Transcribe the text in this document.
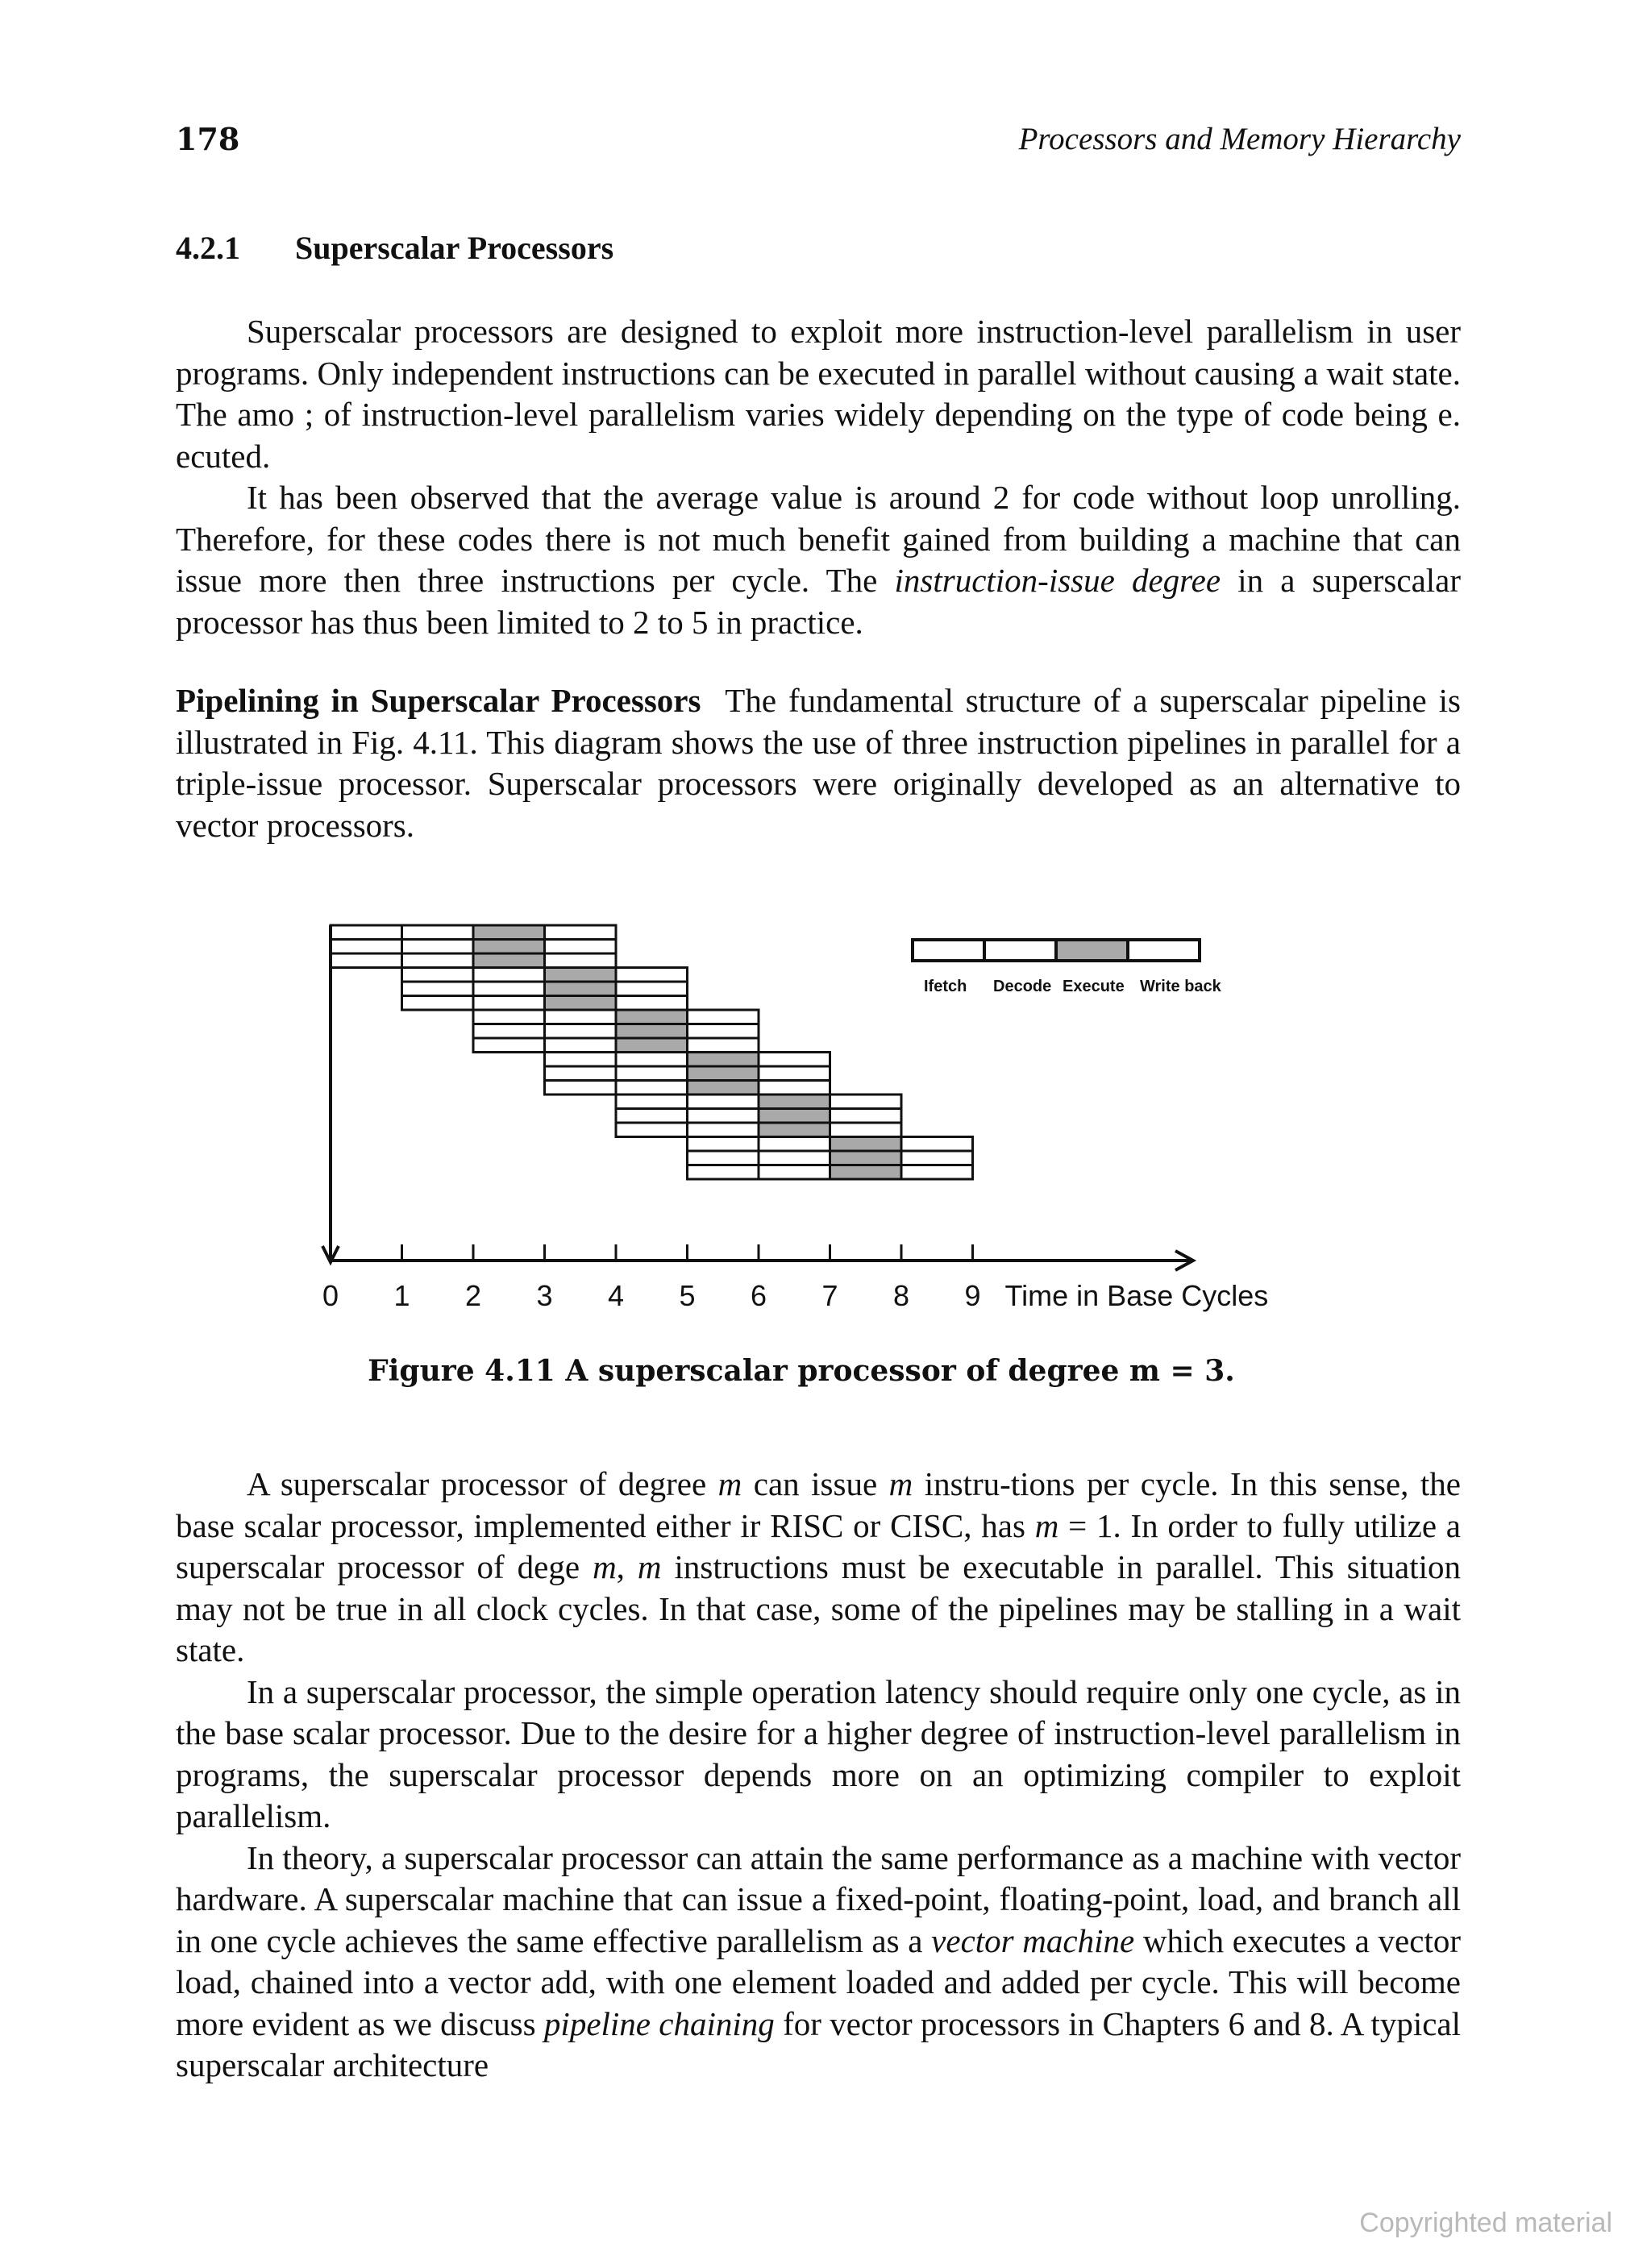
178	Processors and Memory Hierarchy
4.2.1 Superscalar Processors

Superscalar processors are designed to exploit more instruction-level parallelism in user programs. Only independent instructions can be executed in parallel without causing a wait state. The amo ; of instruction-level parallelism varies widely depending on the type of code being e​.​ecuted.

It has been observed that the average value is around 2 for code without loop unrolling. Therefore, for these codes there is not much benefit gained from building a machine that can issue more then three instructions per cycle. The instruction-issue degree in a superscalar processor has thus been limited to 2 to 5 in practice.

Pipelining in Superscalar Processors The fundamental structure of a superscalar pipeline is illustrated in Fig. 4.11. This diagram shows the use of three instruction pipelines in parallel for a triple-issue processor. Superscalar processors were originally developed as an alternative to vector processors.

Ifetch Decode Execute Write back
0 1 2 3 4 5 6 7 8 9 Time in Base Cycles
Figure 4.11 A superscalar processor of degree m = 3.

A superscalar processor of degree m can issue m instru‐tions per cycle. In this sense, the base scalar processor, implemented either ir RISC or CISC, has m = 1. In order to fully utilize a superscalar processor of deg​​e m, m instructions must be executable in parallel. This situation may not be true in all clock cycles. In that case, some of the pipelines may be stalling in a wait state.

In a superscalar processor, the simple operation latency should require only one cycle, as in the base scalar processor. Due to the desire for a higher degree of instruction-level parallelism in programs, the superscalar processor depends more on an optimizing compiler to exploit parallelism.

In theory, a superscalar processor can attain the same performance as a machine with vector hardware. A superscalar machine that can issue a fixed-point, floating-point, load, and branch all in one cycle achieves the same effective parallelism as a vector machine which executes a vector load, chained into a vector add, with one element loaded and added per cycle. This will become more evident as we discuss pipeline chaining for vector processors in Chapters 6 and 8. A typical superscalar architecture

Copyrighted material
